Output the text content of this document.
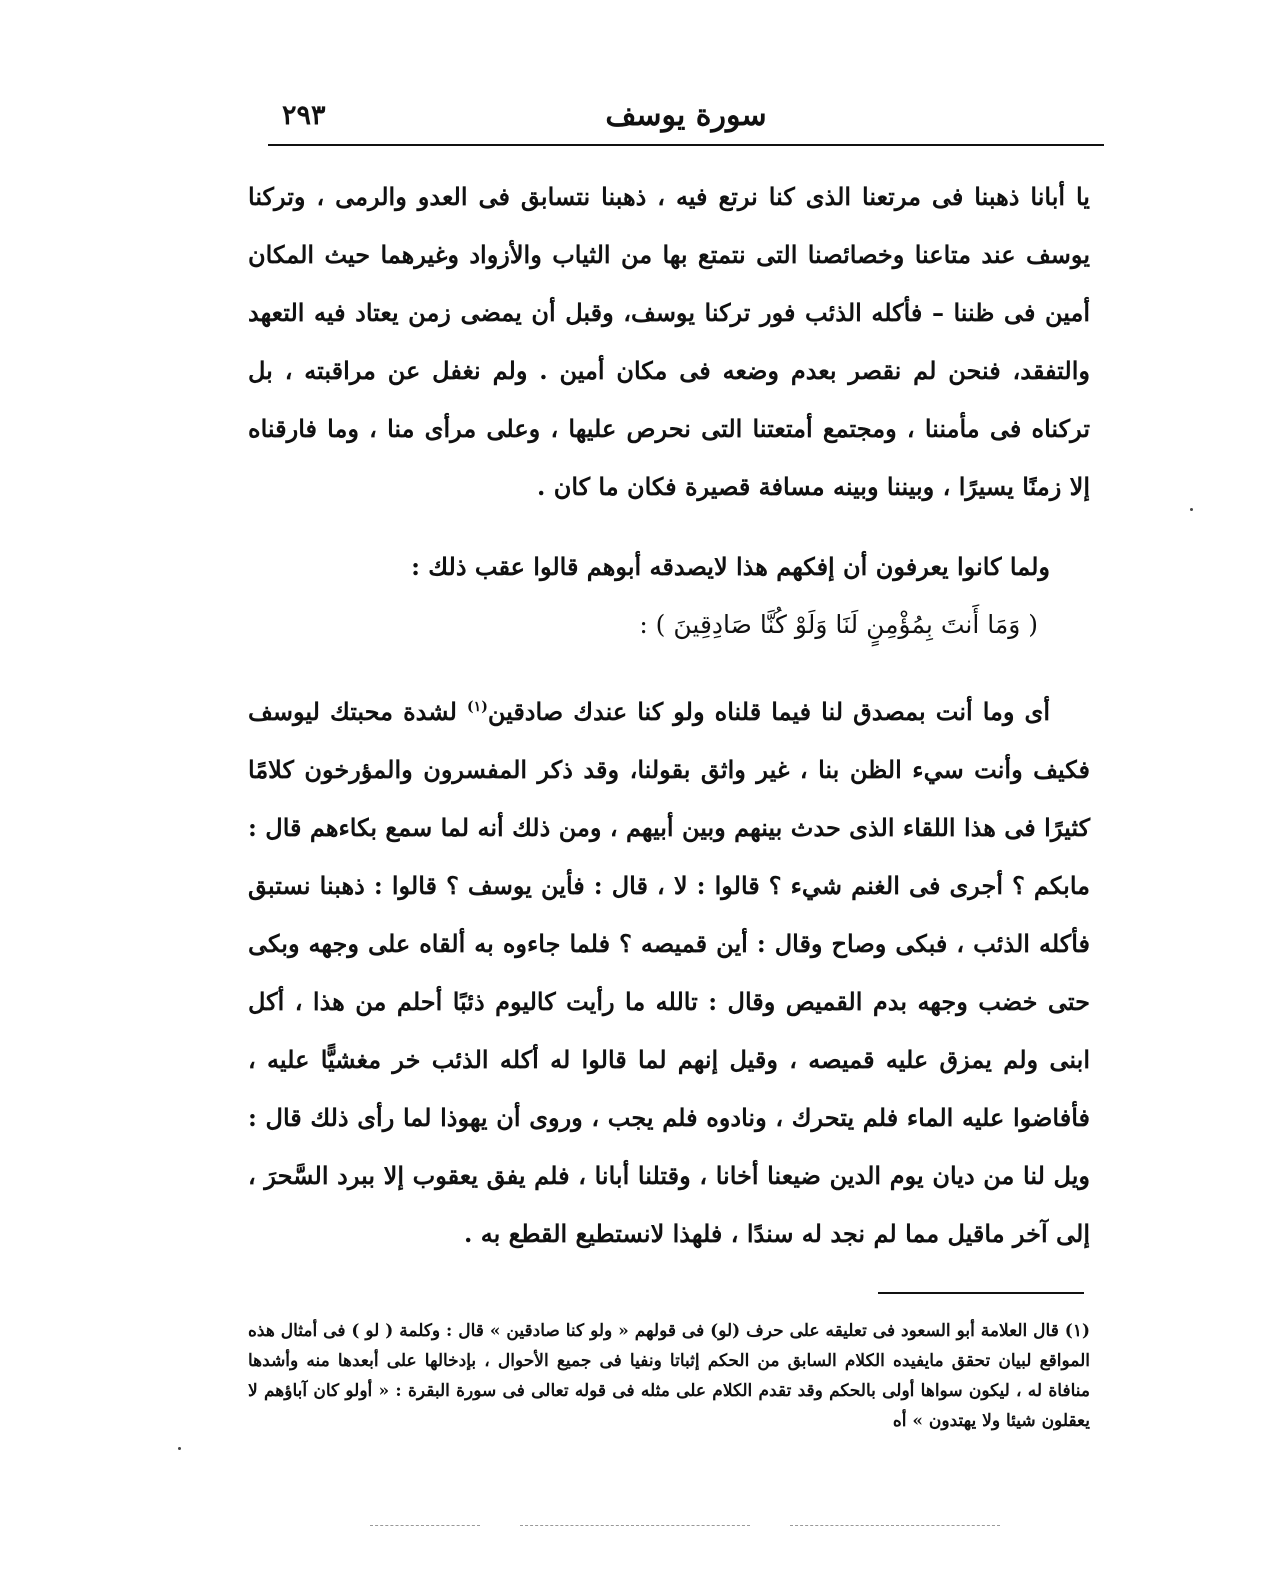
سورة يوسف
٢٩٣

يا أبانا ذهبنا فى مرتعنا الذى كنا نرتع فيه ، ذهبنا نتسابق فى العدو والرمى ، وتركنا يوسف عند متاعنا وخصائصنا التى نتمتع بها من الثياب والأزواد وغيرهما حيث المكان أمين فى ظننا – فأكله الذئب فور تركنا يوسف، وقبل أن يمضى زمن يعتاد فيه التعهد والتفقد، فنحن لم نقصر بعدم وضعه فى مكان أمين . ولم نغفل عن مراقبته ، بل تركناه فى مأمننا ، ومجتمع أمتعتنا التى نحرص عليها ، وعلى مرأى منا ، وما فارقناه إلا زمنًا يسيرًا ، وبيننا وبينه مسافة قصيرة فكان ما كان .

ولما كانوا يعرفون أن إفكهم هذا لايصدقه أبوهم قالوا عقب ذلك :

( وَمَا أَنتَ بِمُؤْمِنٍ لَنَا وَلَوْ كُنَّا صَادِقِينَ ) :

أى وما أنت بمصدق لنا فيما قلناه ولو كنا عندك صادقين$^{(١)}$ لشدة محبتك ليوسف فكيف وأنت سيء الظن بنا ، غير واثق بقولنا، وقد ذكر المفسرون والمؤرخون كلامًا كثيرًا فى هذا اللقاء الذى حدث بينهم وبين أبيهم ، ومن ذلك أنه لما سمع بكاءهم قال : مابكم ؟ أجرى فى الغنم شيء ؟ قالوا : لا ، قال : فأين يوسف ؟ قالوا : ذهبنا نستبق فأكله الذئب ، فبكى وصاح وقال : أين قميصه ؟ فلما جاءوه به ألقاه على وجهه وبكى حتى خضب وجهه بدم القميص وقال : تالله ما رأيت كاليوم ذئبًا أحلم من هذا ، أكل ابنى ولم يمزق عليه قميصه ، وقيل إنهم لما قالوا له أكله الذئب خر مغشيًّا عليه ، فأفاضوا عليه الماء فلم يتحرك ، ونادوه فلم يجب ، وروى أن يهوذا لما رأى ذلك قال : ويل لنا من ديان يوم الدين ضيعنا أخانا ، وقتلنا أبانا ، فلم يفق يعقوب إلا ببرد السَّحرَ ، إلى آخر ماقيل مما لم نجد له سندًا ، فلهذا لانستطيع القطع به .

(١) قال العلامة أبو السعود فى تعليقه على حرف (لو) فى قولهم « ولو كنا صادقين » قال : وكلمة ( لو ) فى أمثال هذه المواقع لبيان تحقق مايفيده الكلام السابق من الحكم إثباتا ونفيا فى جميع الأحوال ، بإدخالها على أبعدها منه وأشدها منافاة له ، ليكون سواها أولى بالحكم وقد تقدم الكلام على مثله فى قوله تعالى فى سورة البقرة : « أولو كان آباؤهم لا يعقلون شيئا ولا يهتدون » أه
